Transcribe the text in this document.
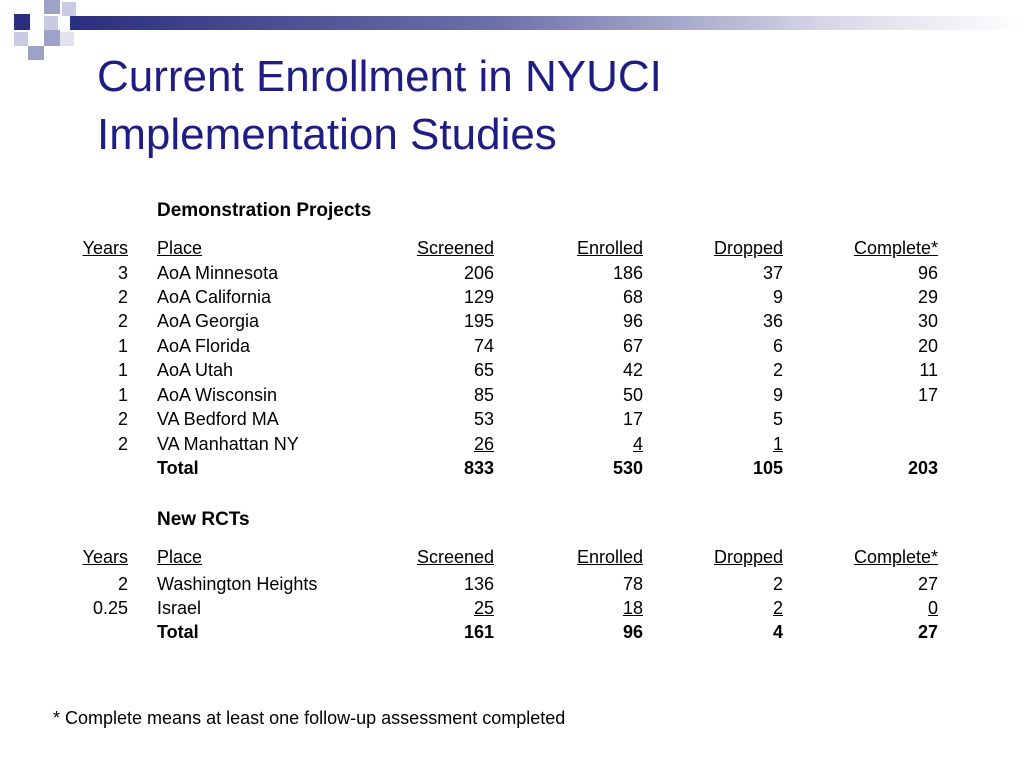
Current Enrollment in NYUCI
Implementation Studies
Demonstration Projects
Years Place	Screened	Enrolled	Dropped	Complete*
3 AoA Minnesota	206	186	37	96
2 AoA California	129	68	9	29
2 AoA Georgia	195	96	36	30
1 AoA Florida	74	67	6	20
1 AoA Utah	65	42	2	11
1 AoA Wisconsin	85	50	9	17
2 VA Bedford MA	53	17	5
2 VA Manhattan NY	26	4	1
Total	833	530	105	203
New RCTs
Years Place	Screened	Enrolled	Dropped	Complete*
2 Washington Heights	136	78	2	27
0.25 Israel	25	18	2	0
Total	161	96	4	27
* Complete means at least one follow-up assessment completed
